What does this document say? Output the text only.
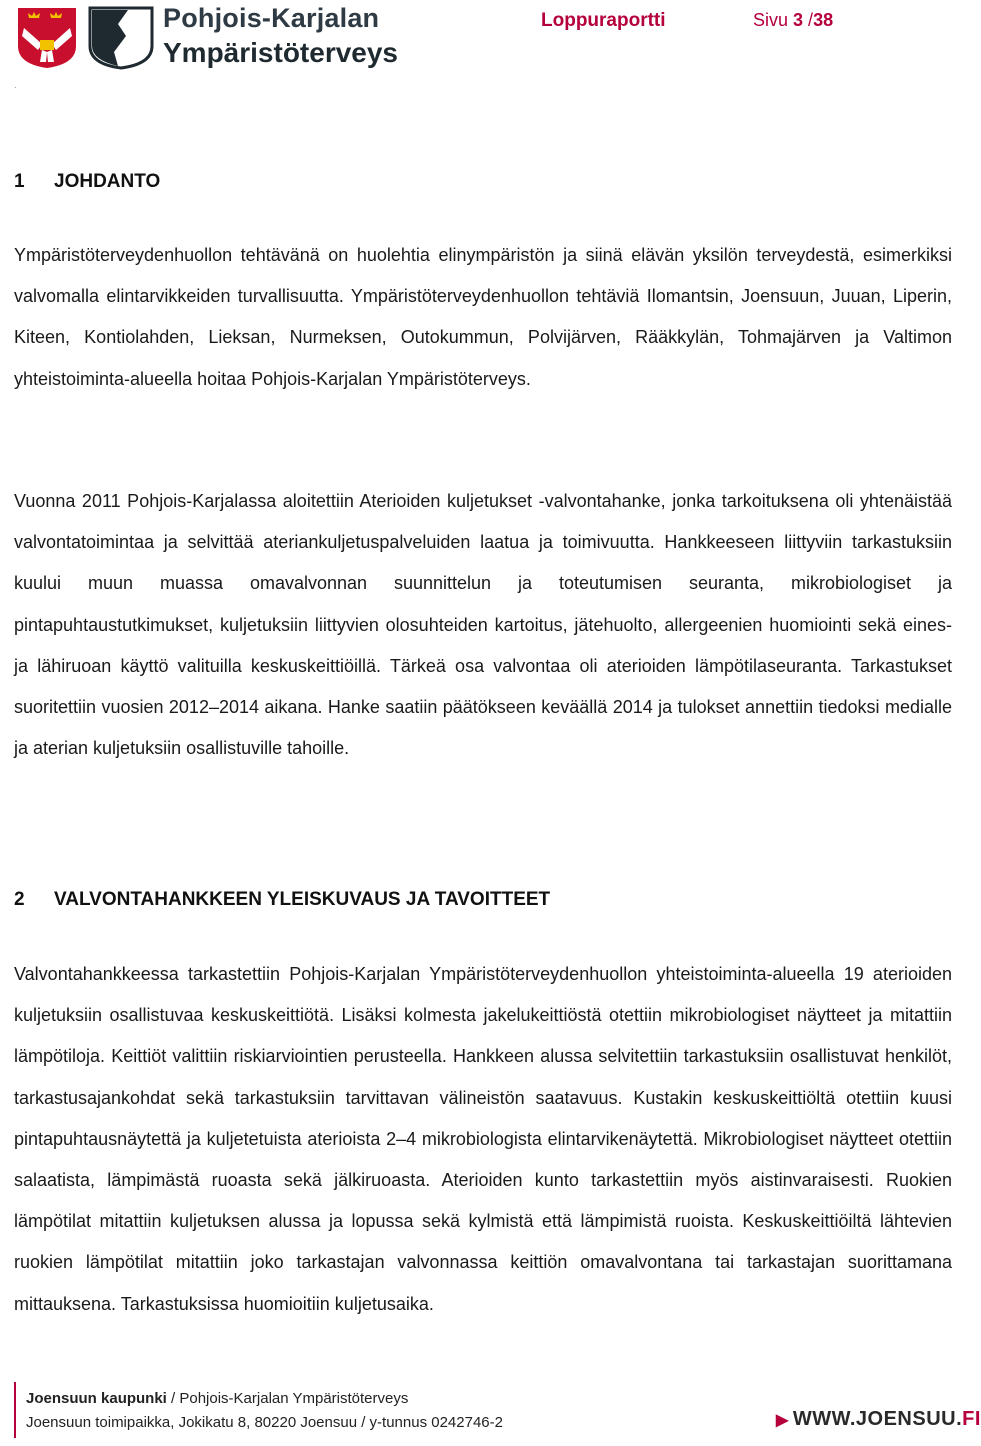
Pohjois-Karjalan
Ympäristöterveys
Loppuraportti	Sivu 3 /38
.
1 JOHDANTO

Ympäristöterveydenhuollon tehtävänä on huolehtia elinympäristön ja siinä elävän yksilön terveydestä, esimerkiksi valvomalla elintarvikkeiden turvallisuutta. Ympäristöterveydenhuollon tehtäviä Ilomantsin, Joensuun, Juuan, Liperin, Kiteen, Kontiolahden, Lieksan, Nurmeksen, Outokummun, Polvijärven, Rääkkylän, Tohmajärven ja Valtimon yhteistoiminta-alueella hoitaa Pohjois-Karjalan Ympäristöterveys.

Vuonna 2011 Pohjois-Karjalassa aloitettiin Aterioiden kuljetukset -valvontahanke, jonka tarkoituksena oli yhtenäistää valvontatoimintaa ja selvittää ateriankuljetuspalveluiden laatua ja toimivuutta. Hankkeeseen liittyviin tarkastuksiin kuului muun muassa omavalvonnan suunnittelun ja toteutumisen seuranta, mikrobiologiset ja pintapuhtaustutkimukset, kuljetuksiin liittyvien olosuhteiden kartoitus, jätehuolto, allergeenien huomiointi sekä eines- ja lähiruoan käyttö valituilla keskuskeittiöillä. Tärkeä osa valvontaa oli aterioiden lämpötilaseuranta. Tarkastukset suoritettiin vuosien 2012–2014 aikana. Hanke saatiin päätökseen keväällä 2014 ja tulokset annettiin tiedoksi medialle ja aterian kuljetuksiin osallistuville tahoille.

2 VALVONTAHANKKEEN YLEISKUVAUS JA TAVOITTEET

Valvontahankkeessa tarkastettiin Pohjois-Karjalan Ympäristöterveydenhuollon yhteistoiminta-alueella 19 aterioiden kuljetuksiin osallistuvaa keskuskeittiötä. Lisäksi kolmesta jakelukeittiöstä otettiin mikrobiologiset näytteet ja mitattiin lämpötiloja. Keittiöt valittiin riskiarviointien perusteella. Hankkeen alussa selvitettiin tarkastuksiin osallistuvat henkilöt, tarkastusajankohdat sekä tarkastuksiin tarvittavan välineistön saatavuus. Kustakin keskuskeittiöltä otettiin kuusi pintapuhtausnäytettä ja kuljetetuista aterioista 2–4 mikrobiologista elintarvikenäytettä. Mikrobiologiset näytteet otettiin salaatista, lämpimästä ruoasta sekä jälkiruoasta. Aterioiden kunto tarkastettiin myös aistinvaraisesti. Ruokien lämpötilat mitattiin kuljetuksen alussa ja lopussa sekä kylmistä että lämpimistä ruoista. Keskuskeittiöiltä lähtevien ruokien lämpötilat mitattiin joko tarkastajan valvonnassa keittiön omavalvontana tai tarkastajan suorittamana mittauksena. Tarkastuksissa huomioitiin kuljetusaika.

Joensuun kaupunki / Pohjois-Karjalan Ympäristöterveys
Joensuun toimipaikka, Jokikatu 8, 80220 Joensuu / y-tunnus 0242746-2	▶ WWW.JOENSUU.FI
